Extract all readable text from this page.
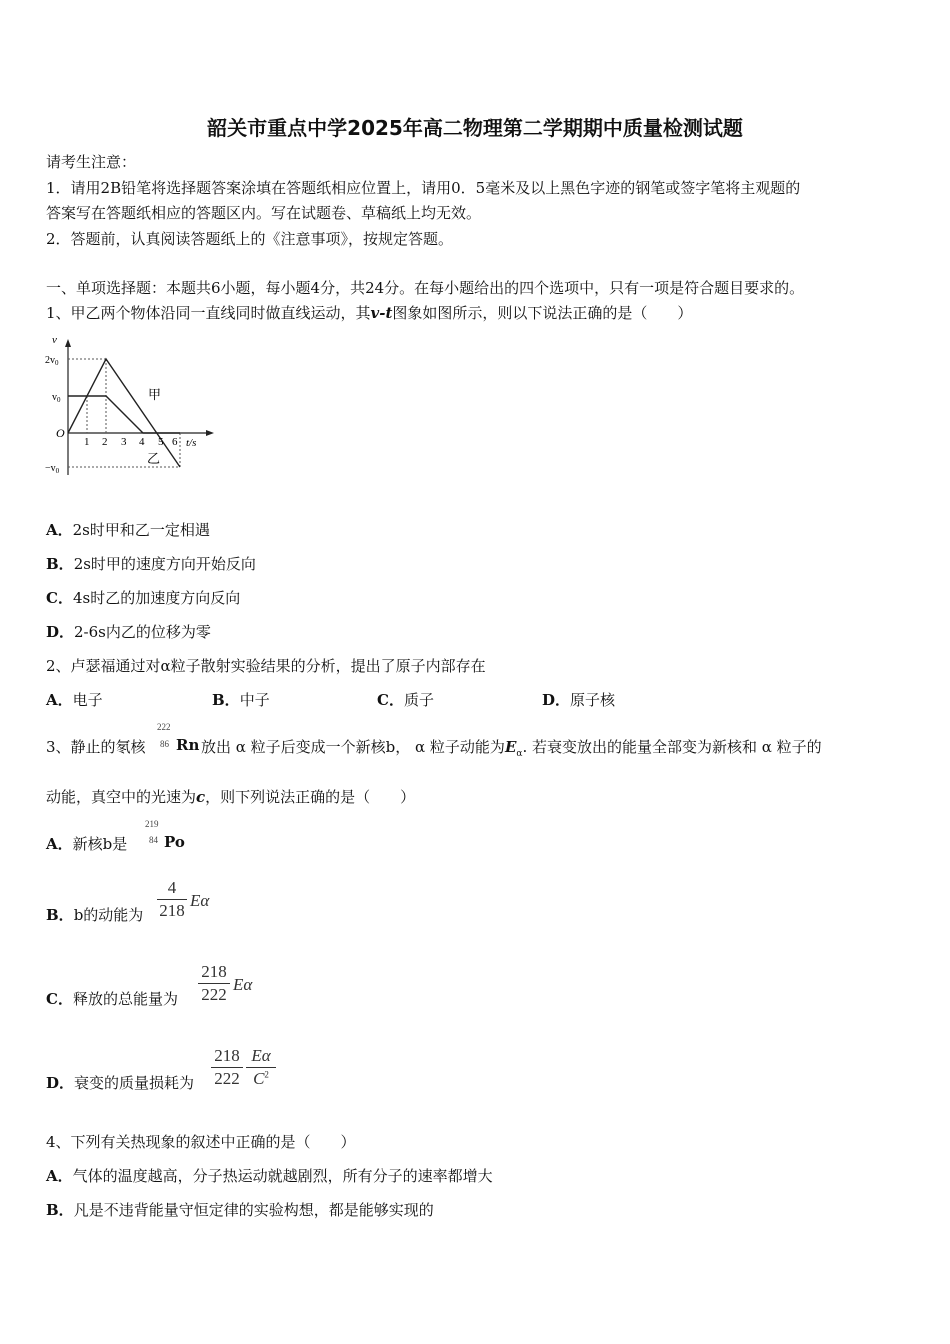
韶关市重点中学2025年高二物理第二学期期中质量检测试题
请考生注意：
1．请用2B铅笔将选择题答案涂填在答题纸相应位置上，请用0．5毫米及以上黑色字迹的钢笔或签字笔将主观题的
答案写在答题纸相应的答题区内。写在试题卷、草稿纸上均无效。
2．答题前，认真阅读答题纸上的《注意事项》，按规定答题。
一、单项选择题：本题共6小题，每小题4分，共24分。在每小题给出的四个选项中，只有一项是符合题目要求的。
1、甲乙两个物体沿同一直线同时做直线运动，其v-t图象如图所示，则以下说法正确的是（　　）
v
$2v_0$
$v_0$
$-v_0$
O
1 2 3 4 5 6 t/s
甲
乙
A．2s时甲和乙一定相遇
B．2s时甲的速度方向开始反向
C．4s时乙的加速度方向反向
D．2-6s内乙的位移为零
2、卢瑟福通过对α粒子散射实验结果的分析，提出了原子内部存在
A．电子	B．中子	C．质子	D．原子核
3、静止的氡核
222
86 Rn 放出 α 粒子后变成一个新核b， α 粒子动能为$E_\alpha$. 若衰变放出的能量全部变为新核和 α 粒子的
动能，真空中的光速为c，则下列说法正确的是（　　）
A．新核b是
219
84 Po
B．b的动能为
4
218
Eα
C．释放的总能量为
218
222
Eα
D．衰变的质量损耗为
218
222
Eα
$C^2$
4、下列有关热现象的叙述中正确的是（　　）
A．气体的温度越高，分子热运动就越剧烈，所有分子的速率都增大
B．凡是不违背能量守恒定律的实验构想，都是能够实现的
